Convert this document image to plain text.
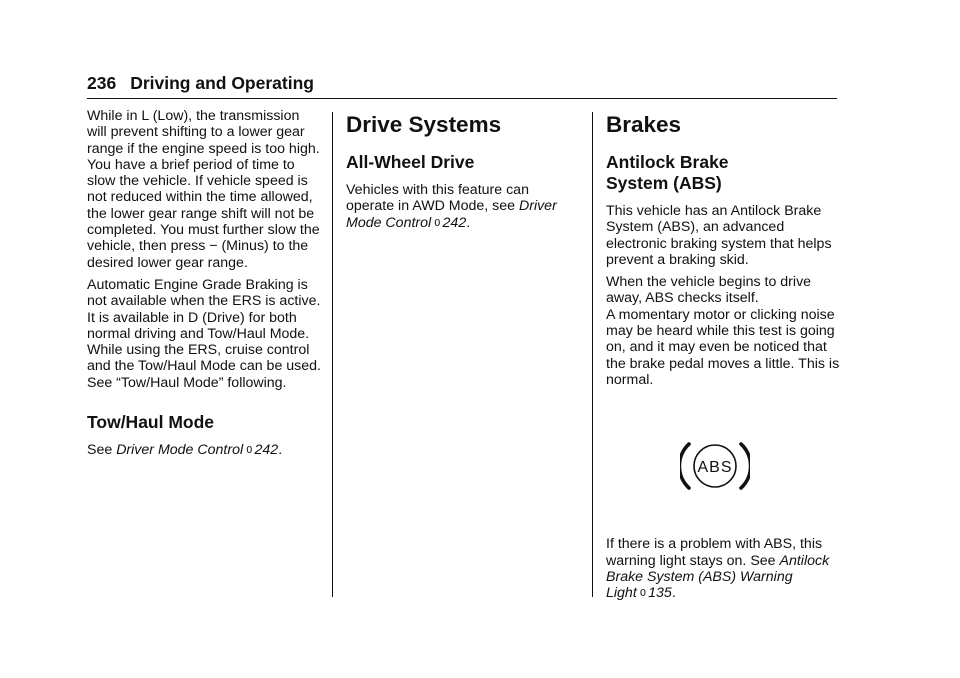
236 Driving and Operating

While in L (Low), the transmission will prevent shifting to a lower gear range if the engine speed is too high. You have a brief period of time to slow the vehicle. If vehicle speed is not reduced within the time allowed, the lower gear range shift will not be completed. You must further slow the vehicle, then press − (Minus) to the desired lower gear range.

Automatic Engine Grade Braking is not available when the ERS is active. It is available in D (Drive) for both normal driving and Tow/Haul Mode. While using the ERS, cruise control and the Tow/Haul Mode can be used. See “Tow/Haul Mode” following.

Tow/Haul Mode

See Driver Mode Control 0 242.

Drive Systems
All-Wheel Drive

Vehicles with this feature can operate in AWD Mode, see Driver Mode Control 0 242.

Brakes
Antilock Brake
System (ABS)

This vehicle has an Antilock Brake System (ABS), an advanced electronic braking system that helps prevent a braking skid.

When the vehicle begins to drive away, ABS checks itself.
A momentary motor or clicking noise may be heard while this test is going on, and it may even be noticed that the brake pedal moves a little. This is normal.

ABS

If there is a problem with ABS, this warning light stays on. See Antilock Brake System (ABS) Warning Light 0 135.
